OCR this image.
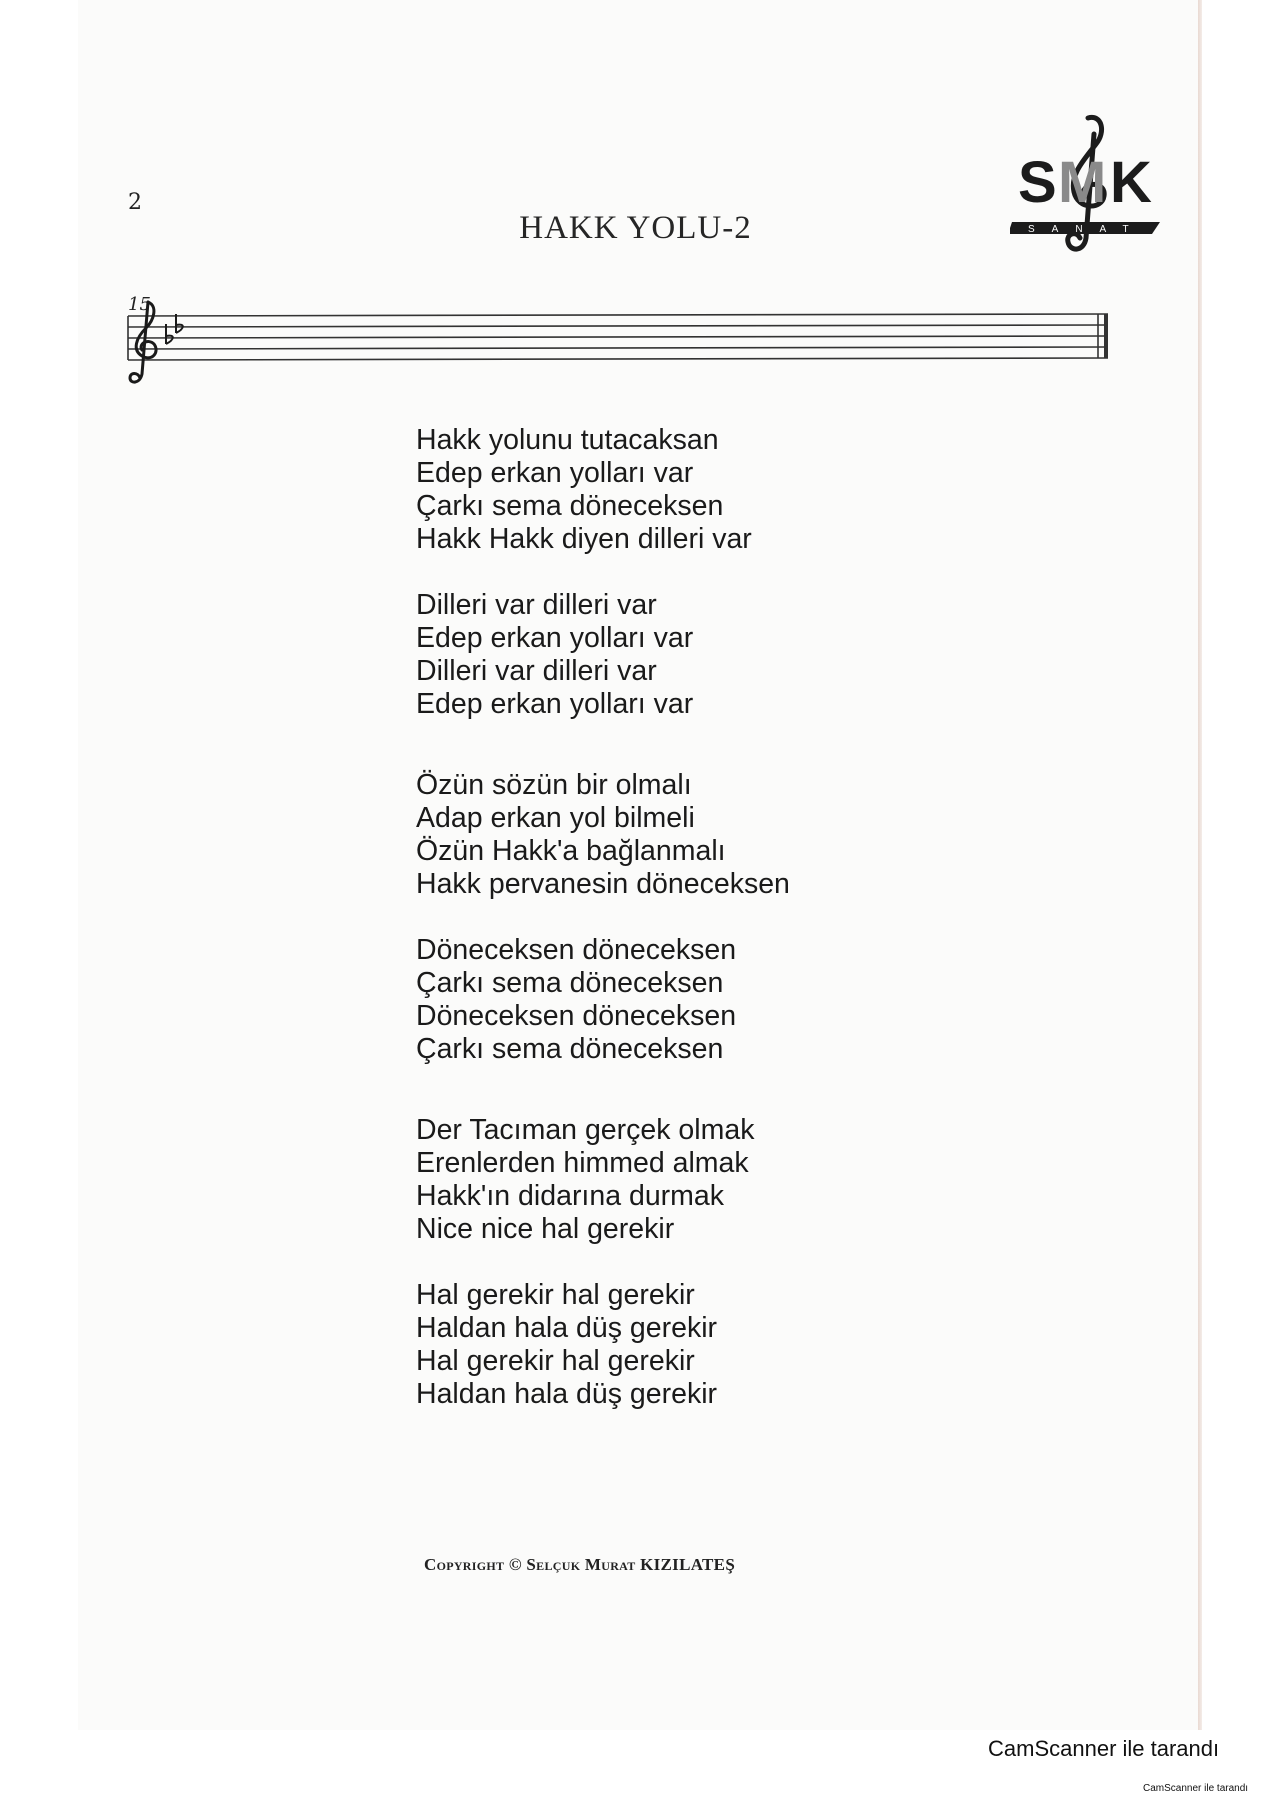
2
HAKK YOLU-2
S M K
SANAT
15
Hakk yolunu tutacaksan
Edep erkan yolları var
Çarkı sema döneceksen
Hakk Hakk diyen dilleri var
Dilleri var dilleri var
Edep erkan yolları var
Dilleri var dilleri var
Edep erkan yolları var
Özün sözün bir olmalı
Adap erkan yol bilmeli
Özün Hakk'a bağlanmalı
Hakk pervanesin döneceksen
Döneceksen döneceksen
Çarkı sema döneceksen
Döneceksen döneceksen
Çarkı sema döneceksen
Der Tacıman gerçek olmak
Erenlerden himmed almak
Hakk'ın didarına durmak
Nice nice hal gerekir
Hal gerekir hal gerekir
Haldan hala düş gerekir
Hal gerekir hal gerekir
Haldan hala düş gerekir
Copyright © Selçuk Murat KIZILATEŞ
CamScanner ile tarandı
CamScanner ile tarandı
